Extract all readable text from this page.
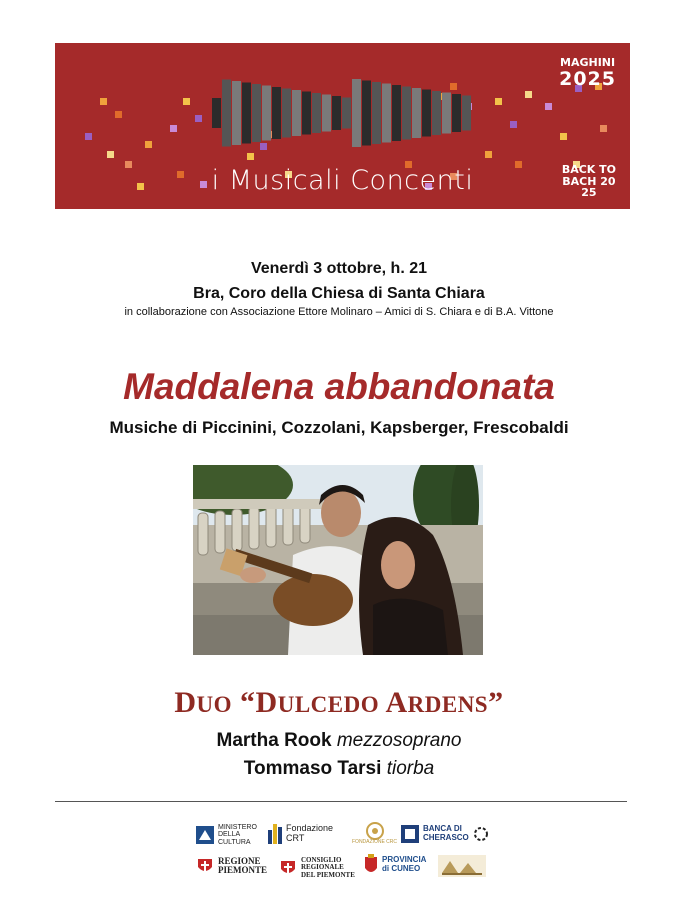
i Musicali Concenti
MAGHINI
2025
BACK TO
BACH 20
25
Venerdì 3 ottobre, h. 21
Bra, Coro della Chiesa di Santa Chiara
in collaborazione con Associazione Ettore Molinaro – Amici di S. Chiara e di B.A. Vittone
Maddalena abbandonata
Musiche di Piccinini, Cozzolani, Kapsberger, Frescobaldi
DUO “DULCEDO ARDENS”
Martha Rook mezzosoprano
Tommaso Tarsi tiorba
MINISTERO
DELLA
CULTURA
Fondazione
CRT	FONDAZIONE CRC
BANCA DI
CHERASCO
REGIONE
PIEMONTE
CONSIGLIO
REGIONALE
DEL PIEMONTE
PROVINCIA
di CUNEO
